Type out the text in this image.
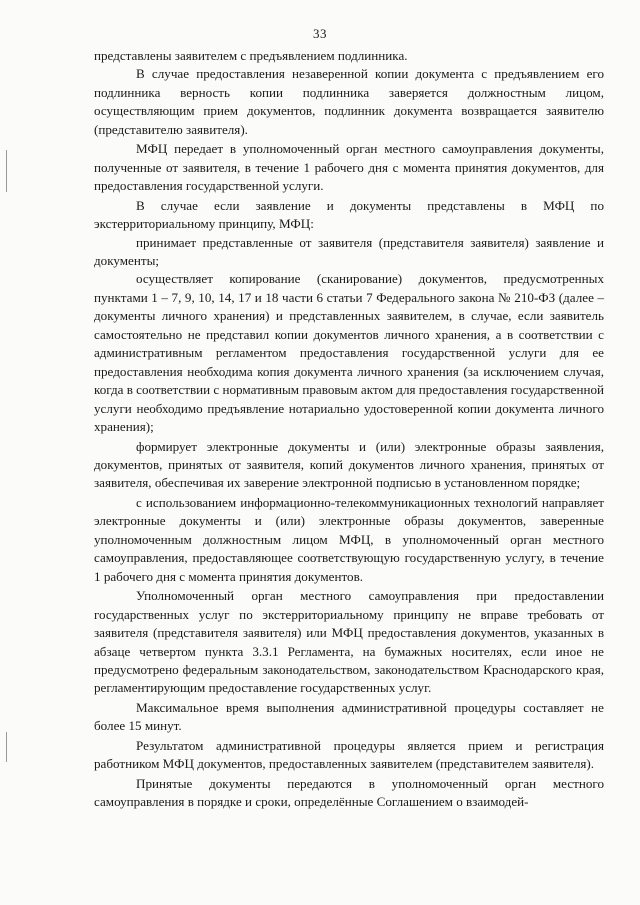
33

представлены заявителем с предъявлением подлинника.

В случае предоставления незаверенной копии документа с предъявлением его подлинника верность копии подлинника заверяется должностным лицом, осуществляющим прием документов, подлинник документа возвращается заявителю (представителю заявителя).

МФЦ передает в уполномоченный орган местного самоуправления документы, полученные от заявителя, в течение 1 рабочего дня с момента принятия документов, для предоставления государственной услуги.

В случае если заявление и документы представлены в МФЦ по экстерриториальному принципу, МФЦ:

принимает представленные от заявителя (представителя заявителя) заявление и документы;

осуществляет копирование (сканирование) документов, предусмотренных пунктами 1 – 7, 9, 10, 14, 17 и 18 части 6 статьи 7 Федерального закона № 210-ФЗ (далее – документы личного хранения) и представленных заявителем, в случае, если заявитель самостоятельно не представил копии документов личного хранения, а в соответствии с административным регламентом предоставления государственной услуги для ее предоставления необходима копия документа личного хранения (за исключением случая, когда в соответствии с нормативным правовым актом для предоставления государственной услуги необходимо предъявление нотариально удостоверенной копии документа личного хранения);

формирует электронные документы и (или) электронные образы заявления, документов, принятых от заявителя, копий документов личного хранения, принятых от заявителя, обеспечивая их заверение электронной подписью в установленном порядке;

с использованием информационно-телекоммуникационных технологий направляет электронные документы и (или) электронные образы документов, заверенные уполномоченным должностным лицом МФЦ, в уполномоченный орган местного самоуправления, предоставляющее соответствующую государственную услугу, в течение 1 рабочего дня с момента принятия документов.

Уполномоченный орган местного самоуправления при предоставлении государственных услуг по экстерриториальному принципу не вправе требовать от заявителя (представителя заявителя) или МФЦ предоставления документов, указанных в абзаце четвертом пункта 3.3.1 Регламента, на бумажных носителях, если иное не предусмотрено федеральным законодательством, законодательством Краснодарского края, регламентирующим предоставление государственных услуг.

Максимальное время выполнения административной процедуры составляет не более 15 минут.

Результатом административной процедуры является прием и регистрация работником МФЦ документов, предоставленных заявителем (представителем заявителя).

Принятые документы передаются в уполномоченный орган местного самоуправления в порядке и сроки, определённые Соглашением о взаимодей-
